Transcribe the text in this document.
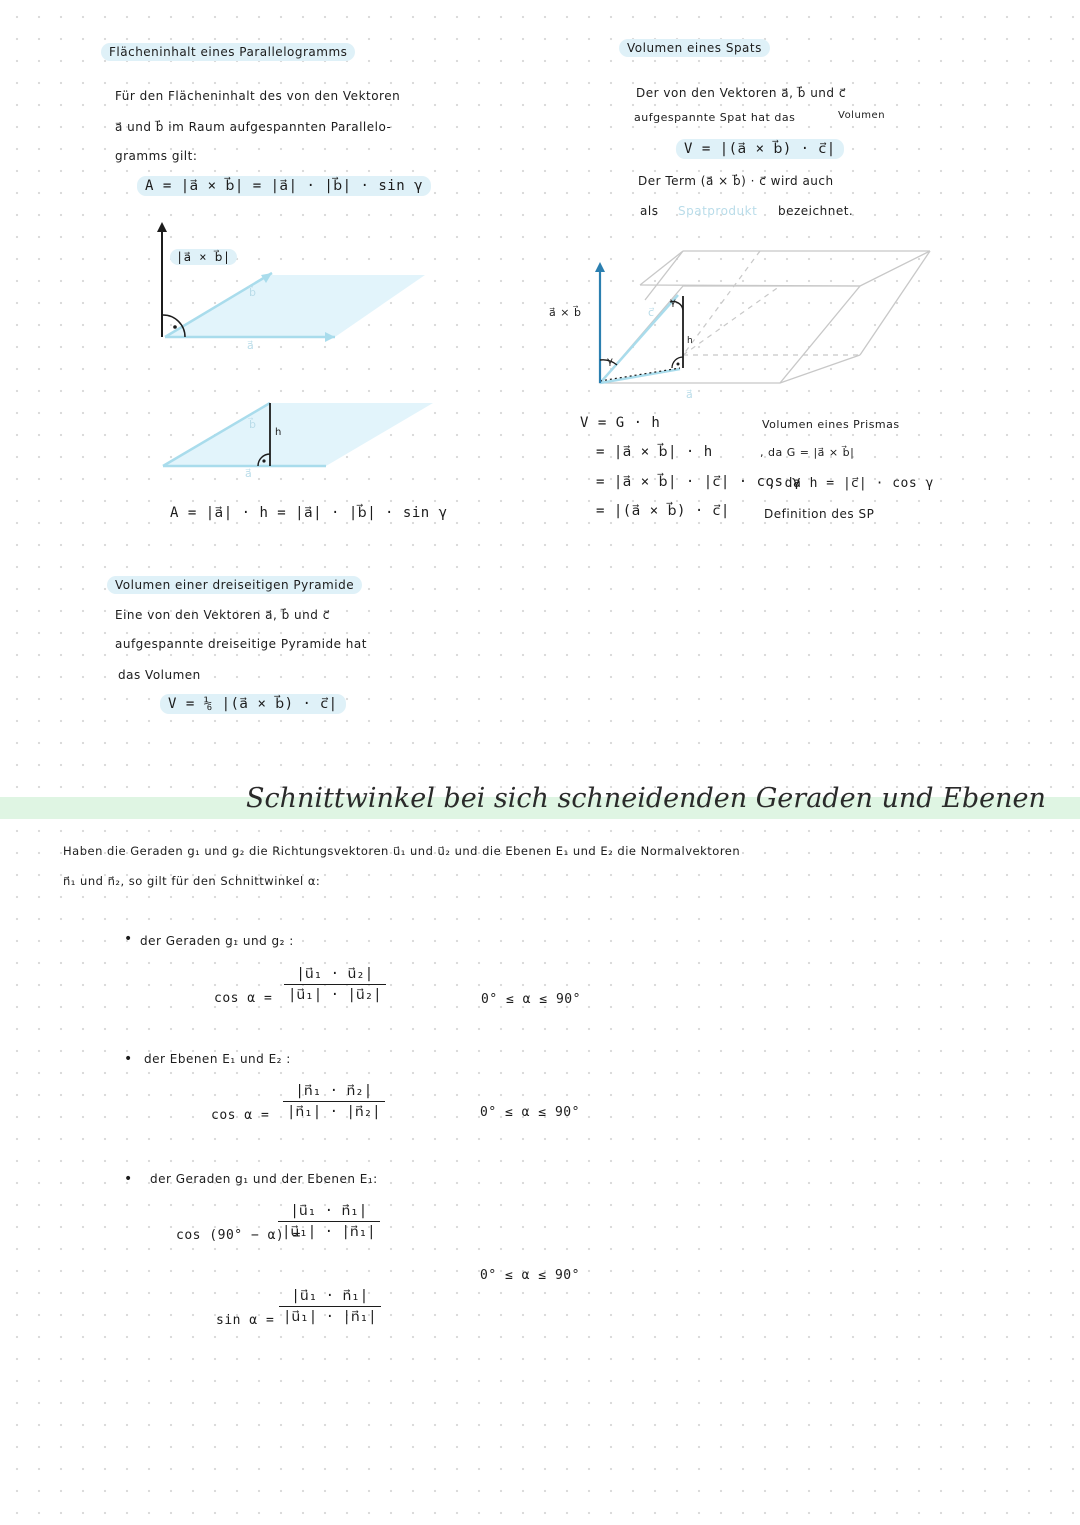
Flächeninhalt eines Parallelogramms
Für den Flächeninhalt des von den Vektoren
a⃗ und b⃗ im Raum aufgespannten Parallelo-
gramms gilt:
A = |a⃗ × b⃗| = |a⃗| · |b⃗| · sin γ
|a⃗ × b⃗|
b⃗
a⃗
b⃗
h
a⃗
A = |a⃗| · h = |a⃗| · |b⃗| · sin γ
Volumen einer dreiseitigen Pyramide
Eine von den Vektoren a⃗, b⃗ und c⃗
aufgespannte dreiseitige Pyramide hat
das Volumen
V = ⅙ |(a⃗ × b⃗) · c⃗|
Volumen eines Spats
Der von den Vektoren a⃗, b⃗ und c⃗
aufgespannte Spat hat das	Volumen
V = |(a⃗ × b⃗) · c⃗|
Der Term (a⃗ × b⃗) · c⃗ wird auch
als Spatprodukt bezeichnet.
a⃗ × b⃗
γ
γ
c⃗
h
a⃗
V = G · h
= |a⃗ × b⃗| · h
= |a⃗ × b⃗| · |c⃗| · cos γ
= |(a⃗ × b⃗) · c⃗|
Volumen eines Prismas
, da G = |a⃗ × b⃗|
, da h = |c⃗| · cos γ
Definition des SP
Schnittwinkel bei sich schneidenden Geraden und Ebenen
Haben die Geraden g₁ und g₂ die Richtungsvektoren u⃗₁ und u⃗₂ und die Ebenen E₁ und E₂ die Normalvektoren
n⃗₁ und n⃗₂, so gilt für den Schnittwinkel α:
• der Geraden g₁ und g₂ :
$\cos \alpha = \frac{\text{|u⃗₁ · u⃗₂|}}{\text{|u⃗₁| · |u⃗₂|}}$	0° ≤ α ≤ 90°
• der Ebenen E₁ und E₂ :
$\cos \alpha = \frac{\text{|n⃗₁ · n⃗₂|}}{\text{|n⃗₁| · |n⃗₂|}}$	0° ≤ α ≤ 90°
• der Geraden g₁ und der Ebenen E₁:
cos (90° − α) =
$\frac{\text{|u⃗₁ · n⃗₁|}}{\text{|u⃗₁| · |n⃗₁|}}$
0° ≤ α ≤ 90°
$\sin \alpha = \frac{\text{|u⃗₁ · n⃗₁|}}{\text{|u⃗₁| · |n⃗₁|}}$
